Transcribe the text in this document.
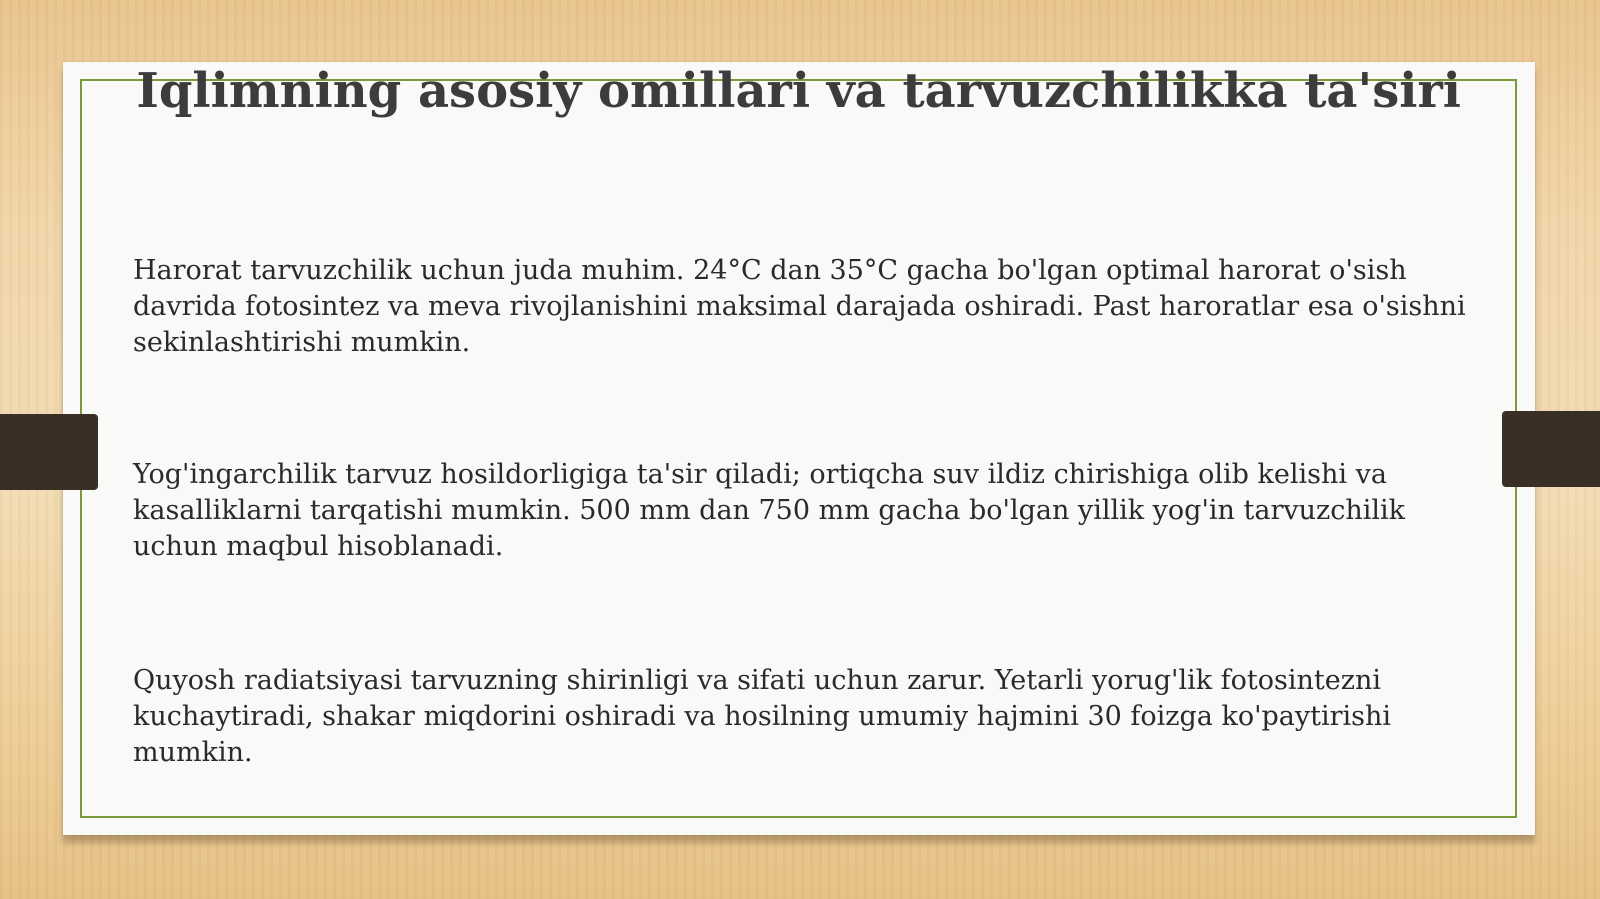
Iqlimning asosiy omillari va tarvuzchilikka ta'siri

Harorat tarvuzchilik uchun juda muhim. 24°C dan 35°C gacha bo'lgan optimal harorat o'sish davrida fotosintez va meva rivojlanishini maksimal darajada oshiradi. Past haroratlar esa o'sishni sekinlashtirishi mumkin.

Yog'ingarchilik tarvuz hosildorligiga ta'sir qiladi; ortiqcha suv ildiz chirishiga olib kelishi va kasalliklarni tarqatishi mumkin. 500 mm dan 750 mm gacha bo'lgan yillik yog'in tarvuzchilik uchun maqbul hisoblanadi.

Quyosh radiatsiyasi tarvuzning shirinligi va sifati uchun zarur. Yetarli yorug'lik fotosintezni kuchaytiradi, shakar miqdorini oshiradi va hosilning umumiy hajmini 30 foizga ko'paytirishi mumkin.
